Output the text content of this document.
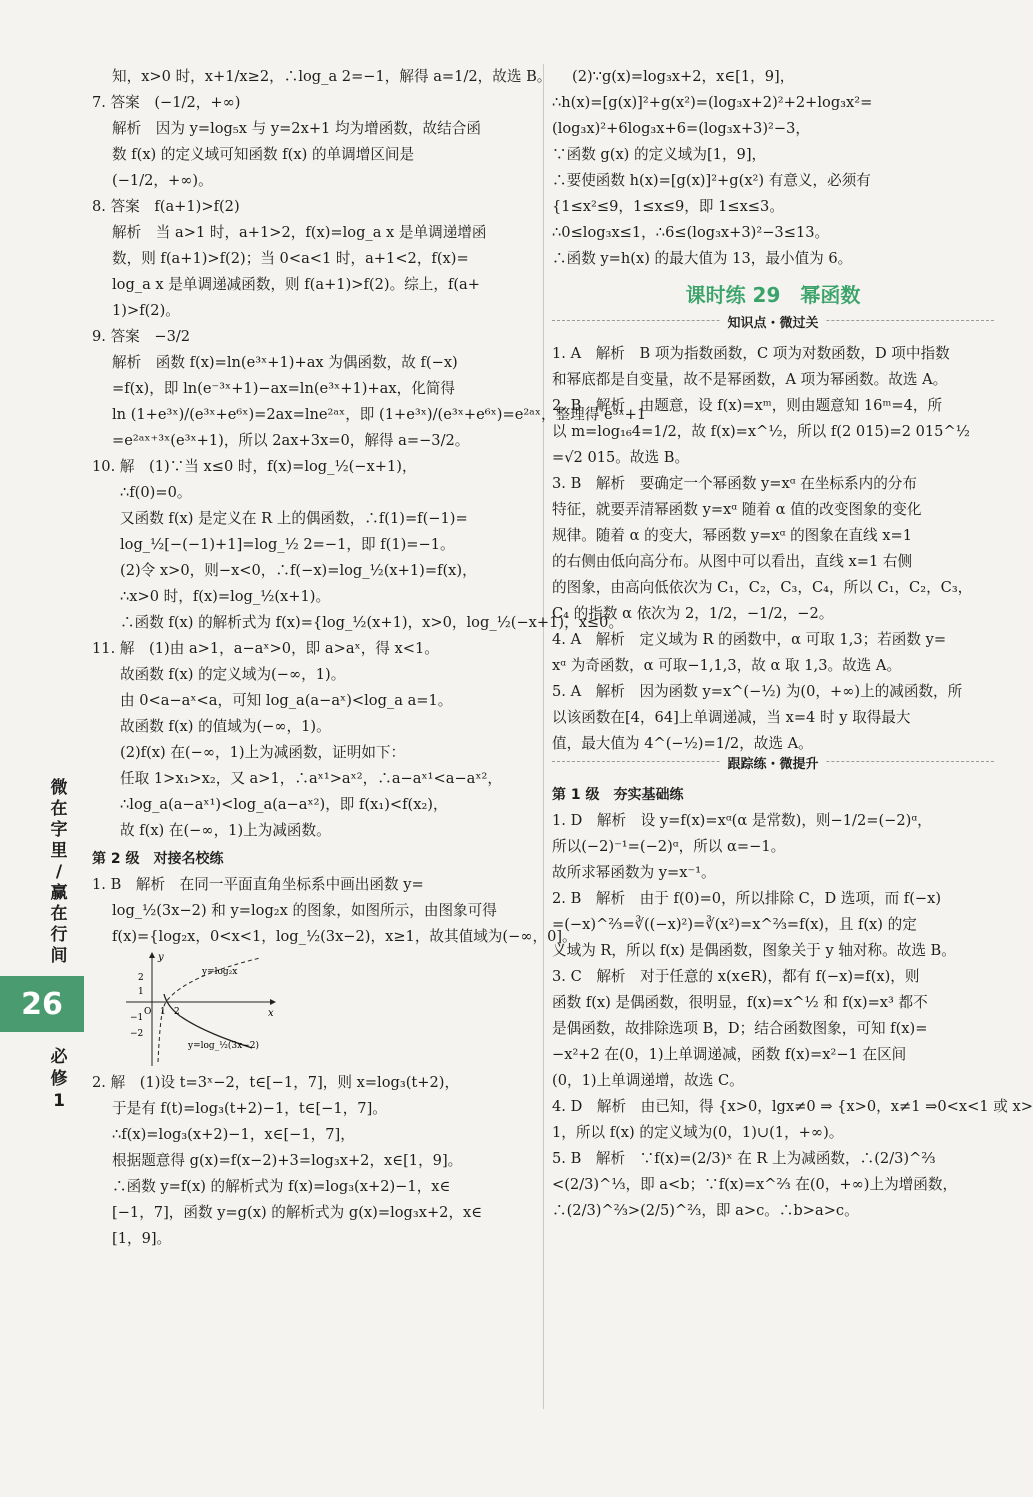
微
在
字
里
/
赢
在
行
间
26
必
修
1
知，x>0 时，x+1/x≥2，∴log_a 2=−1，解得 a=1/2，故选 B。
7. 答案　(−1/2，+∞)
解析　因为 y=log₅x 与 y=2x+1 均为增函数，故结合函
数 f(x) 的定义域可知函数 f(x) 的单调增区间是
(−1/2，+∞)。
8. 答案　f(a+1)>f(2)
解析　当 a>1 时，a+1>2，f(x)=log_a x 是单调递增函
数，则 f(a+1)>f(2)；当 0<a<1 时，a+1<2，f(x)=
log_a x 是单调递减函数，则 f(a+1)>f(2)。综上，f(a+
1)>f(2)。
9. 答案　−3/2
解析　函数 f(x)=ln(e³ˣ+1)+ax 为偶函数，故 f(−x)
=f(x)，即 ln(e⁻³ˣ+1)−ax=ln(e³ˣ+1)+ax，化简得
ln (1+e³ˣ)/(e³ˣ+e⁶ˣ)=2ax=lne²ᵃˣ，即 (1+e³ˣ)/(e³ˣ+e⁶ˣ)=e²ᵃˣ，整理得 e³ˣ+1
=e²ᵃˣ⁺³ˣ(e³ˣ+1)，所以 2ax+3x=0，解得 a=−3/2。
10. 解　(1)∵当 x≤0 时，f(x)=log_½(−x+1)，
∴f(0)=0。
又函数 f(x) 是定义在 R 上的偶函数，∴f(1)=f(−1)=
log_½[−(−1)+1]=log_½ 2=−1，即 f(1)=−1。
(2)令 x>0，则−x<0，∴f(−x)=log_½(x+1)=f(x)，
∴x>0 时，f(x)=log_½(x+1)。
∴函数 f(x) 的解析式为 f(x)={log_½(x+1)，x>0，log_½(−x+1)，x≤0。
11. 解　(1)由 a>1，a−aˣ>0，即 a>aˣ，得 x<1。
故函数 f(x) 的定义域为(−∞，1)。
由 0<a−aˣ<a，可知 log_a(a−aˣ)<log_a a=1。
故函数 f(x) 的值域为(−∞，1)。
(2)f(x) 在(−∞，1)上为减函数，证明如下：
任取 1>x₁>x₂，又 a>1，∴aˣ¹>aˣ²，∴a−aˣ¹<a−aˣ²，
∴log_a(a−aˣ¹)<log_a(a−aˣ²)，即 f(x₁)<f(x₂)，
故 f(x) 在(−∞，1)上为减函数。
第 2 级　对接名校练
1. B　解析　在同一平面直角坐标系中画出函数 y=
log_½(3x−2) 和 y=log₂x 的图象，如图所示，由图象可得
f(x)={log₂x，0<x<1，log_½(3x−2)，x≥1，故其值域为(−∞，0]。
y=log₂x
y=log_½(3x−2)
x
y
O
2
1
−1
−2
1 2
2. 解　(1)设 t=3ˣ−2，t∈[−1，7]，则 x=log₃(t+2)，
于是有 f(t)=log₃(t+2)−1，t∈[−1，7]。
∴f(x)=log₃(x+2)−1，x∈[−1，7]，
根据题意得 g(x)=f(x−2)+3=log₃x+2，x∈[1，9]。
∴函数 y=f(x) 的解析式为 f(x)=log₃(x+2)−1，x∈
[−1，7]，函数 y=g(x) 的解析式为 g(x)=log₃x+2，x∈
[1，9]。
(2)∵g(x)=log₃x+2，x∈[1，9]，
∴h(x)=[g(x)]²+g(x²)=(log₃x+2)²+2+log₃x²=
(log₃x)²+6log₃x+6=(log₃x+3)²−3，
∵函数 g(x) 的定义域为[1，9]，
∴要使函数 h(x)=[g(x)]²+g(x²) 有意义，必须有
{1≤x²≤9，1≤x≤9，即 1≤x≤3。
∴0≤log₃x≤1，∴6≤(log₃x+3)²−3≤13。
∴函数 y=h(x) 的最大值为 13，最小值为 6。
课时练 29　幂函数
知识点・微过关
1. A　解析　B 项为指数函数，C 项为对数函数，D 项中指数
和幂底都是自变量，故不是幂函数，A 项为幂函数。故选 A。
2. B　解析　由题意，设 f(x)=xᵐ，则由题意知 16ᵐ=4，所
以 m=log₁₆4=1/2，故 f(x)=x^½，所以 f(2 015)=2 015^½
=√2 015。故选 B。
3. B　解析　要确定一个幂函数 y=xᵅ 在坐标系内的分布
特征，就要弄清幂函数 y=xᵅ 随着 α 值的改变图象的变化
规律。随着 α 的变大，幂函数 y=xᵅ 的图象在直线 x=1
的右侧由低向高分布。从图中可以看出，直线 x=1 右侧
的图象，由高向低依次为 C₁，C₂，C₃，C₄，所以 C₁，C₂，C₃，
C₄ 的指数 α 依次为 2，1/2，−1/2，−2。
4. A　解析　定义域为 R 的函数中，α 可取 1,3；若函数 y=
xᵅ 为奇函数，α 可取−1,1,3，故 α 取 1,3。故选 A。
5. A　解析　因为函数 y=x^(−½) 为(0，+∞)上的减函数，所
以该函数在[4，64]上单调递减，当 x=4 时 y 取得最大
值，最大值为 4^(−½)=1/2，故选 A。
跟踪练・微提升
第 1 级　夯实基础练
1. D　解析　设 y=f(x)=xᵅ(α 是常数)，则−1/2=(−2)ᵅ，
所以(−2)⁻¹=(−2)ᵅ，所以 α=−1。
故所求幂函数为 y=x⁻¹。
2. B　解析　由于 f(0)=0，所以排除 C，D 选项，而 f(−x)
=(−x)^⅔=∛((−x)²)=∛(x²)=x^⅔=f(x)，且 f(x) 的定
义域为 R，所以 f(x) 是偶函数，图象关于 y 轴对称。故选 B。
3. C　解析　对于任意的 x(x∈R)，都有 f(−x)=f(x)，则
函数 f(x) 是偶函数，很明显，f(x)=x^½ 和 f(x)=x³ 都不
是偶函数，故排除选项 B，D；结合函数图象，可知 f(x)=
−x²+2 在(0，1)上单调递减，函数 f(x)=x²−1 在区间
(0，1)上单调递增，故选 C。
4. D　解析　由已知，得 {x>0，lgx≠0 ⇒ {x>0，x≠1 ⇒0<x<1 或 x>
1，所以 f(x) 的定义域为(0，1)∪(1，+∞)。
5. B　解析　∵f(x)=(2/3)ˣ 在 R 上为减函数，∴(2/3)^⅔
<(2/3)^⅓，即 a<b；∵f(x)=x^⅔ 在(0，+∞)上为增函数，
∴(2/3)^⅔>(2/5)^⅔，即 a>c。∴b>a>c。
